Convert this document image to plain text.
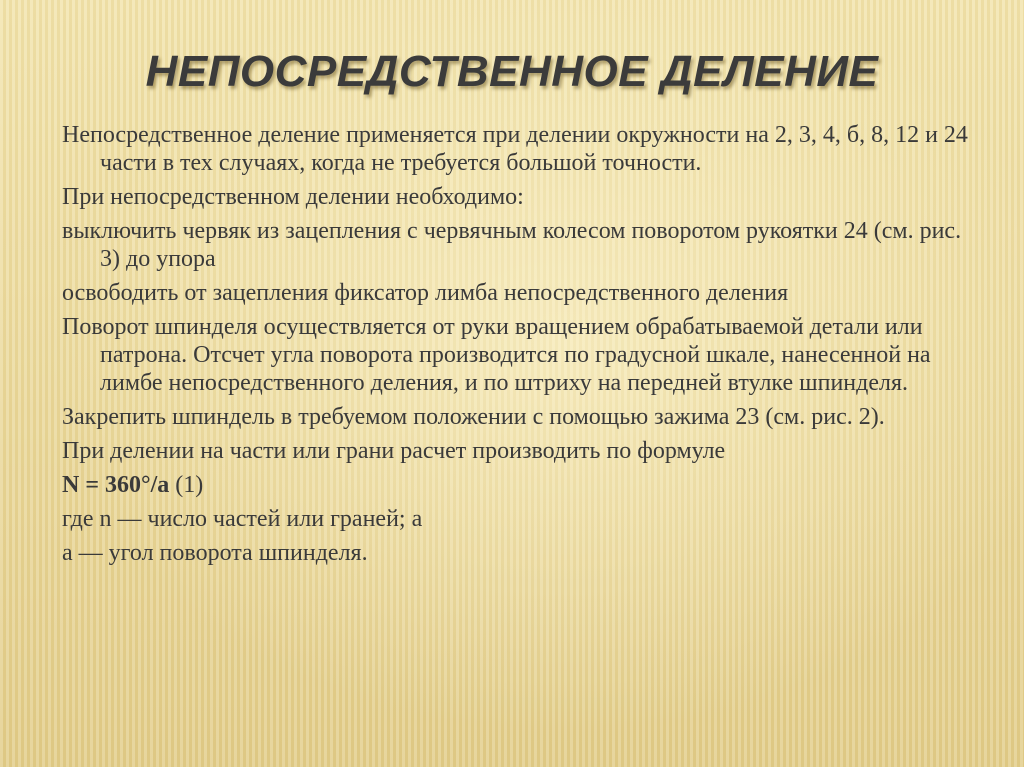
НЕПОСРЕДСТВЕННОЕ ДЕЛЕНИЕ

Непосредственное деление применяется при делении окружности на 2, 3, 4, б, 8, 12 и 24 части в тех случаях, когда не требуется большой точности.

При непосредственном делении необходимо:

выключить червяк из зацепления с червячным колесом поворотом рукоятки 24 (см. рис. 3) до упора

освободить от зацепления фиксатор лимба непосредственного деления

Поворот шпинделя осуществляется от руки вращением обрабатываемой детали или патрона. Отсчет угла поворота производится по градусной шкале, нанесенной на лимбе непосредственного деления, и по штриху на передней втулке шпинделя.

Закрепить шпиндель в требуемом положении с помощью зажима 23 (см. рис. 2).

При делении на части или грани расчет производить по формуле

N = 360°/a (1)

где n — число частей или граней; а

а — угол поворота шпинделя.
